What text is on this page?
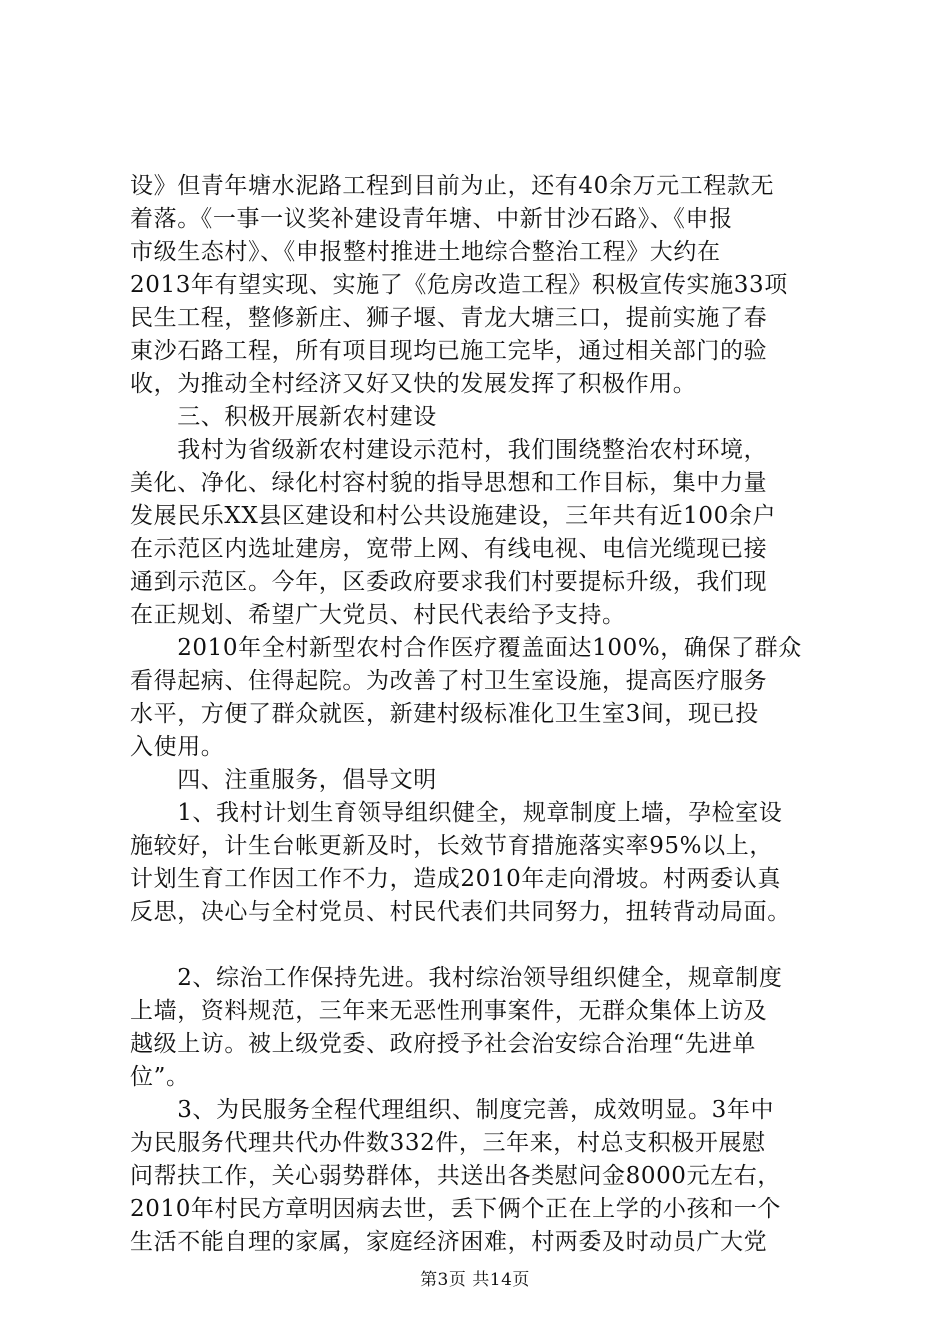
设》但青年塘水泥路工程到目前为止，还有40余万元工程款无
着落。《一事一议奖补建设青年塘、中新甘沙石路》、《申报
市级生态村》、《申报整村推进土地综合整治工程》大约在
2013年有望实现、实施了《危房改造工程》积极宣传实施33项
民生工程，整修新庄、狮子堰、青龙大塘三口，提前实施了春
東沙石路工程，所有项目现均已施工完毕，通过相关部门的验
收，为推动全村经济又好又快的发展发挥了积极作用。
　　三、积极开展新农村建设
　　我村为省级新农村建设示范村，我们围绕整治农村环境，
美化、净化、绿化村容村貌的指导思想和工作目标，集中力量
发展民乐XX县区建设和村公共设施建设，三年共有近100余户
在示范区内选址建房，宽带上网、有线电视、电信光缆现已接
通到示范区。今年，区委政府要求我们村要提标升级，我们现
在正规划、希望广大党员、村民代表给予支持。
　　2010年全村新型农村合作医疗覆盖面达100%，确保了群众
看得起病、住得起院。为改善了村卫生室设施，提高医疗服务
水平，方便了群众就医，新建村级标准化卫生室3间，现已投
入使用。
　　四、注重服务，倡导文明
　　1、我村计划生育领导组织健全，规章制度上墙，孕检室设
施较好，计生台帐更新及时，长效节育措施落实率95%以上，
计划生育工作因工作不力，造成2010年走向滑坡。村两委认真
反思，决心与全村党员、村民代表们共同努力，扭转背动局面。
　　2、综治工作保持先进。我村综治领导组织健全，规章制度
上墙，资料规范，三年来无恶性刑事案件，无群众集体上访及
越级上访。被上级党委、政府授予社会治安综合治理“先进单
位”。
　　3、为民服务全程代理组织、制度完善，成效明显。3年中
为民服务代理共代办件数332件，三年来，村总支积极开展慰
问帮扶工作，关心弱势群体，共送出各类慰问金8000元左右，
2010年村民方章明因病去世，丢下俩个正在上学的小孩和一个
生活不能自理的家属，家庭经济困难，村两委及时动员广大党
第3页 共14页
